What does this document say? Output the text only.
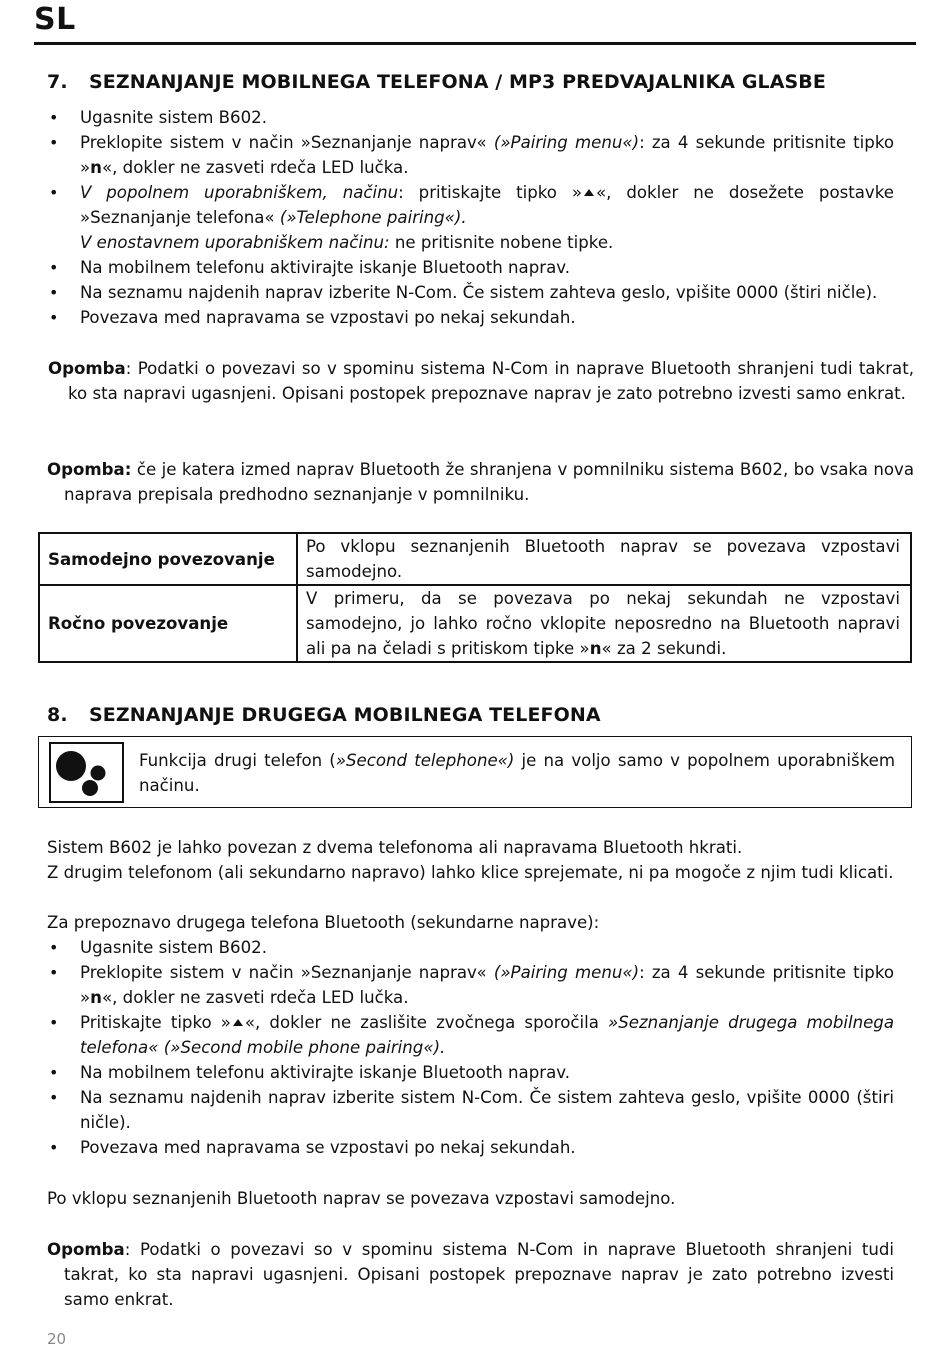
SL
7. SEZNANJANJE MOBILNEGA TELEFONA / MP3 PREDVAJALNIKA GLASBE
• Ugasnite sistem B602.
• Preklopite sistem v način »Seznanjanje naprav« (»Pairing menu«): za 4 sekunde pritisnite tipko »n«, dokler ne zasveti rdeča LED lučka.
• V popolnem uporabniškem, načinu: pritiskajte tipko » «, dokler ne dosežete postavke »Seznanjanje telefona« (»Telephone pairing«).
V enostavnem uporabniškem načinu: ne pritisnite nobene tipke.
• Na mobilnem telefonu aktivirajte iskanje Bluetooth naprav.
• Na seznamu najdenih naprav izberite N-Com. Če sistem zahteva geslo, vpišite 0000 (štiri ničle).
• Povezava med napravama se vzpostavi po nekaj sekundah.
Opomba: Podatki o povezavi so v spominu sistema N-Com in naprave Bluetooth shranjeni tudi takrat, ko sta napravi ugasnjeni. Opisani postopek prepoznave naprav je zato potrebno izvesti samo enkrat.
Opomba: če je katera izmed naprav Bluetooth že shranjena v pomnilniku sistema B602, bo vsaka nova naprava prepisala predhodno seznanjanje v pomnilniku.
Samodejno povezovanje	Po vklopu seznanjenih Bluetooth naprav se povezava vzpostavi samodejno.
Ročno povezovanje	V primeru, da se povezava po nekaj sekundah ne vzpostavi samodejno, jo lahko ročno vklopite neposredno na Bluetooth napravi ali pa na čeladi s pritiskom tipke »n« za 2 sekundi.
8. SEZNANJANJE DRUGEGA MOBILNEGA TELEFONA
Funkcija drugi telefon (»Second telephone«) je na voljo samo v popolnem uporabniškem načinu.
Sistem B602 je lahko povezan z dvema telefonoma ali napravama Bluetooth hkrati.
Z drugim telefonom (ali sekundarno napravo) lahko klice sprejemate, ni pa mogoče z njim tudi klicati.
Za prepoznavo drugega telefona Bluetooth (sekundarne naprave):
• Ugasnite sistem B602.
• Preklopite sistem v način »Seznanjanje naprav« (»Pairing menu«): za 4 sekunde pritisnite tipko »n«, dokler ne zasveti rdeča LED lučka.
• Pritiskajte tipko » «, dokler ne zaslišite zvočnega sporočila »Seznanjanje drugega mobilnega telefona« (»Second mobile phone pairing«).
• Na mobilnem telefonu aktivirajte iskanje Bluetooth naprav.
• Na seznamu najdenih naprav izberite sistem N-Com. Če sistem zahteva geslo, vpišite 0000 (štiri ničle).
• Povezava med napravama se vzpostavi po nekaj sekundah.
Po vklopu seznanjenih Bluetooth naprav se povezava vzpostavi samodejno.
Opomba: Podatki o povezavi so v spominu sistema N-Com in naprave Bluetooth shranjeni tudi takrat, ko sta napravi ugasnjeni. Opisani postopek prepoznave naprav je zato potrebno izvesti samo enkrat.
20
